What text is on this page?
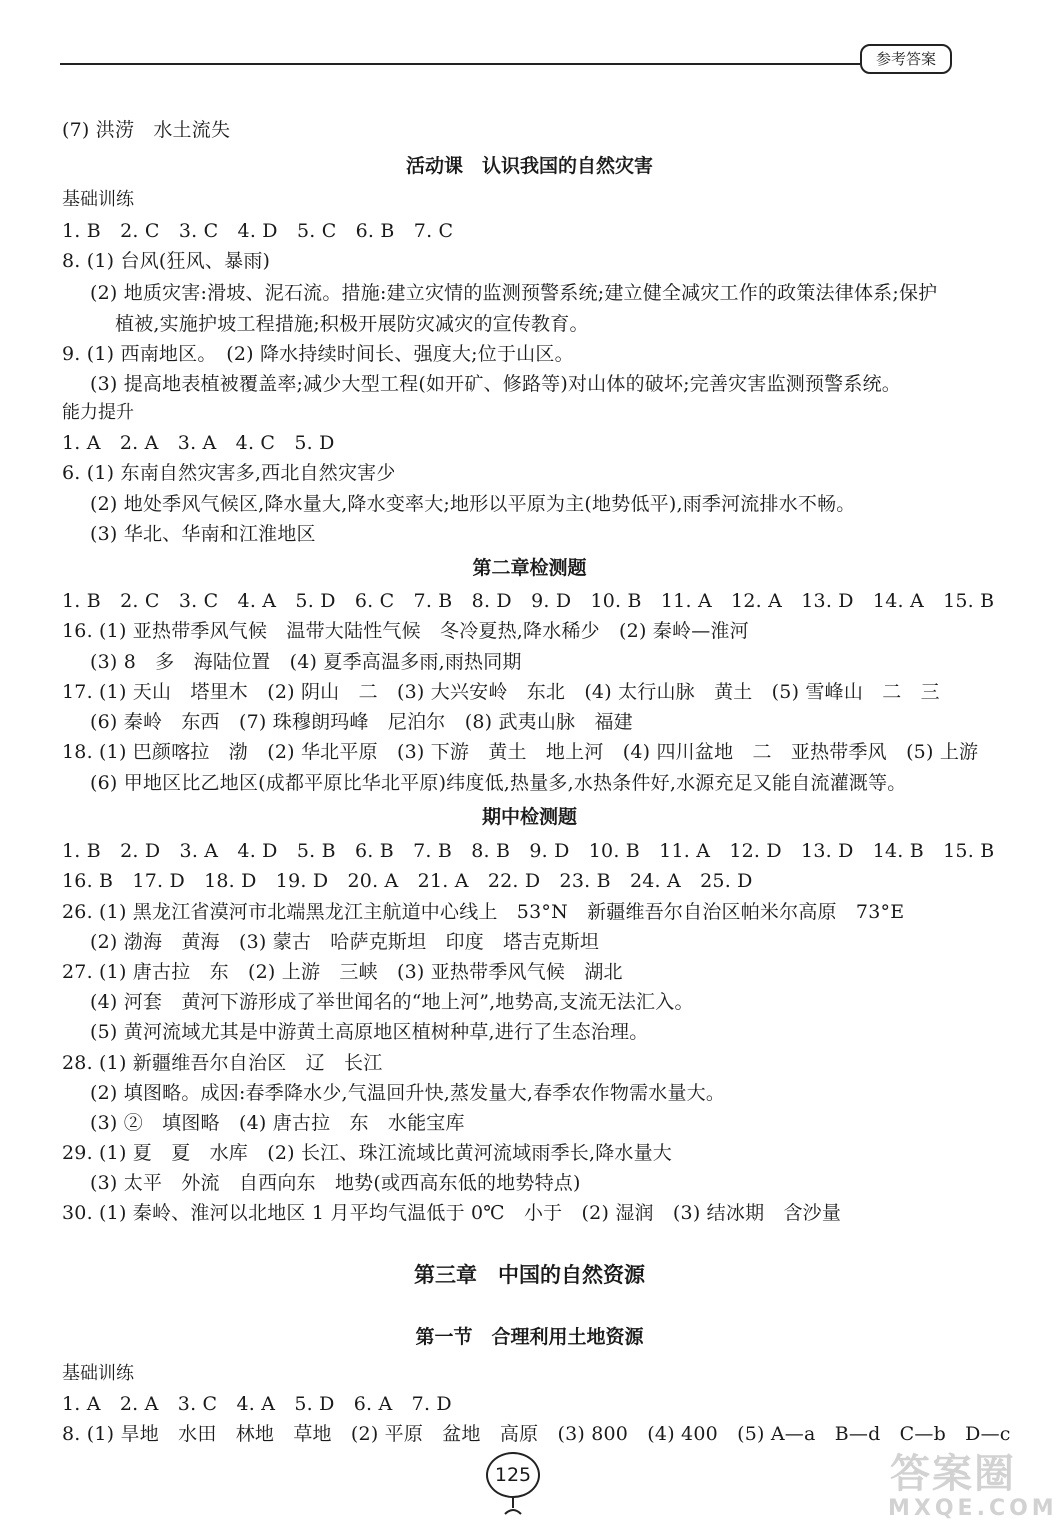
参考答案
(7) 洪涝　水土流失
活动课　认识我国的自然灾害
基础训练
1. B　2. C　3. C　4. D　5. C　6. B　7. C
8. (1) 台风(狂风、暴雨)
(2) 地质灾害:滑坡、泥石流。措施:建立灾情的监测预警系统;建立健全减灾工作的政策法律体系;保护
植被,实施护坡工程措施;积极开展防灾减灾的宣传教育。
9. (1) 西南地区。　(2) 降水持续时间长、强度大;位于山区。
(3) 提高地表植被覆盖率;减少大型工程(如开矿、修路等)对山体的破坏;完善灾害监测预警系统。
能力提升
1. A　2. A　3. A　4. C　5. D
6. (1) 东南自然灾害多,西北自然灾害少
(2) 地处季风气候区,降水量大,降水变率大;地形以平原为主(地势低平),雨季河流排水不畅。
(3) 华北、华南和江淮地区
第二章检测题
1. B　2. C　3. C　4. A　5. D　6. C　7. B　8. D　9. D　10. B　11. A　12. A　13. D　14. A　15. B
16. (1) 亚热带季风气候　温带大陆性气候　冬冷夏热,降水稀少　(2) 秦岭—淮河
(3) 8　多　海陆位置　(4) 夏季高温多雨,雨热同期
17. (1) 天山　塔里木　(2) 阴山　二　(3) 大兴安岭　东北　(4) 太行山脉　黄土　(5) 雪峰山　二　三
(6) 秦岭　东西　(7) 珠穆朗玛峰　尼泊尔　(8) 武夷山脉　福建
18. (1) 巴颜喀拉　渤　(2) 华北平原　(3) 下游　黄土　地上河　(4) 四川盆地　二　亚热带季风　(5) 上游
(6) 甲地区比乙地区(成都平原比华北平原)纬度低,热量多,水热条件好,水源充足又能自流灌溉等。
期中检测题
1. B　2. D　3. A　4. D　5. B　6. B　7. B　8. B　9. D　10. B　11. A　12. D　13. D　14. B　15. B
16. B　17. D　18. D　19. D　20. A　21. A　22. D　23. B　24. A　25. D
26. (1) 黑龙江省漠河市北端黑龙江主航道中心线上　53°N　新疆维吾尔自治区帕米尔高原　73°E
(2) 渤海　黄海　(3) 蒙古　哈萨克斯坦　印度　塔吉克斯坦
27. (1) 唐古拉　东　(2) 上游　三峡　(3) 亚热带季风气候　湖北
(4) 河套　黄河下游形成了举世闻名的“地上河”,地势高,支流无法汇入。
(5) 黄河流域尤其是中游黄土高原地区植树种草,进行了生态治理。
28. (1) 新疆维吾尔自治区　辽　长江
(2) 填图略。成因:春季降水少,气温回升快,蒸发量大,春季农作物需水量大。
(3) ②　填图略　(4) 唐古拉　东　水能宝库
29. (1) 夏　夏　水库　(2) 长江、珠江流域比黄河流域雨季长,降水量大
(3) 太平　外流　自西向东　地势(或西高东低的地势特点)
30. (1) 秦岭、淮河以北地区 1 月平均气温低于 0℃　小于　(2) 湿润　(3) 结冰期　含沙量
第三章　中国的自然资源
第一节　合理利用土地资源
基础训练
1. A　2. A　3. C　4. A　5. D　6. A　7. D
8. (1) 旱地　水田　林地　草地　(2) 平原　盆地　高原　(3) 800　(4) 400　(5) A—a　B—d　C—b　D—c
125	答案圈
MXQE.COM
